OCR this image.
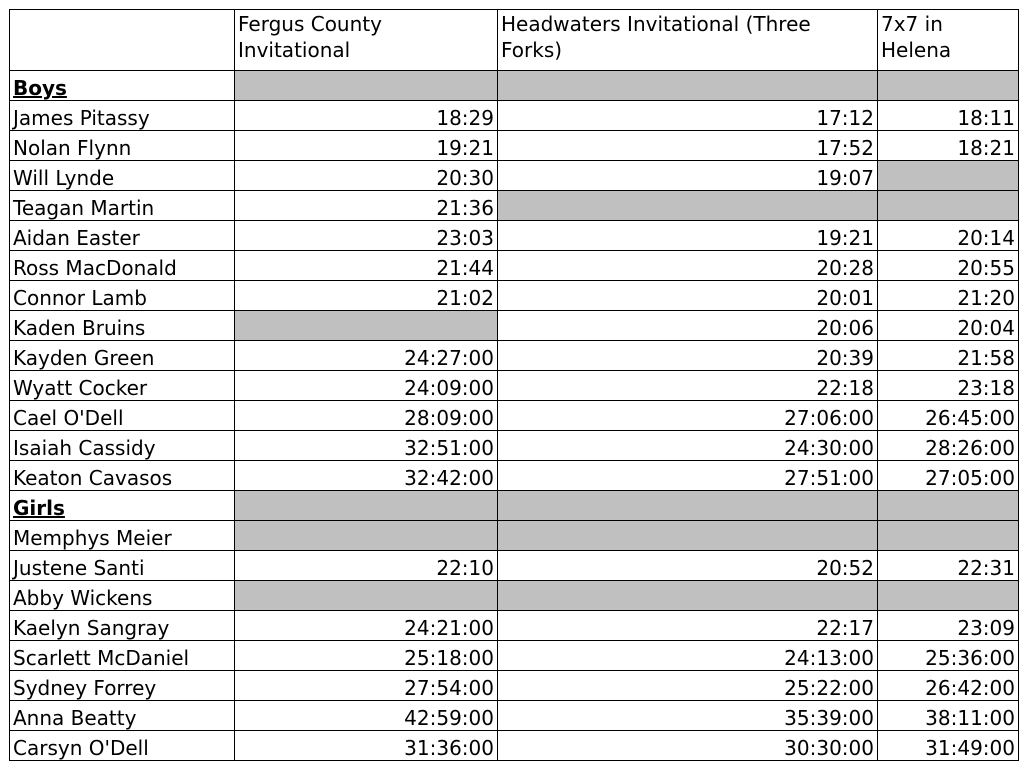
	Fergus County Invitational	Headwaters Invitational (Three Forks)	7x7 in Helena
Boys			
James Pitassy	18:29	17:12	18:11
Nolan Flynn	19:21	17:52	18:21
Will Lynde	20:30	19:07	
Teagan Martin	21:36		
Aidan Easter	23:03	19:21	20:14
Ross MacDonald	21:44	20:28	20:55
Connor Lamb	21:02	20:01	21:20
Kaden Bruins		20:06	20:04
Kayden Green	24:27:00	20:39	21:58
Wyatt Cocker	24:09:00	22:18	23:18
Cael O'Dell	28:09:00	27:06:00	26:45:00
Isaiah Cassidy	32:51:00	24:30:00	28:26:00
Keaton Cavasos	32:42:00	27:51:00	27:05:00
Girls			
Memphys Meier			
Justene Santi	22:10	20:52	22:31
Abby Wickens			
Kaelyn Sangray	24:21:00	22:17	23:09
Scarlett McDaniel	25:18:00	24:13:00	25:36:00
Sydney Forrey	27:54:00	25:22:00	26:42:00
Anna Beatty	42:59:00	35:39:00	38:11:00
Carsyn O'Dell	31:36:00	30:30:00	31:49:00
